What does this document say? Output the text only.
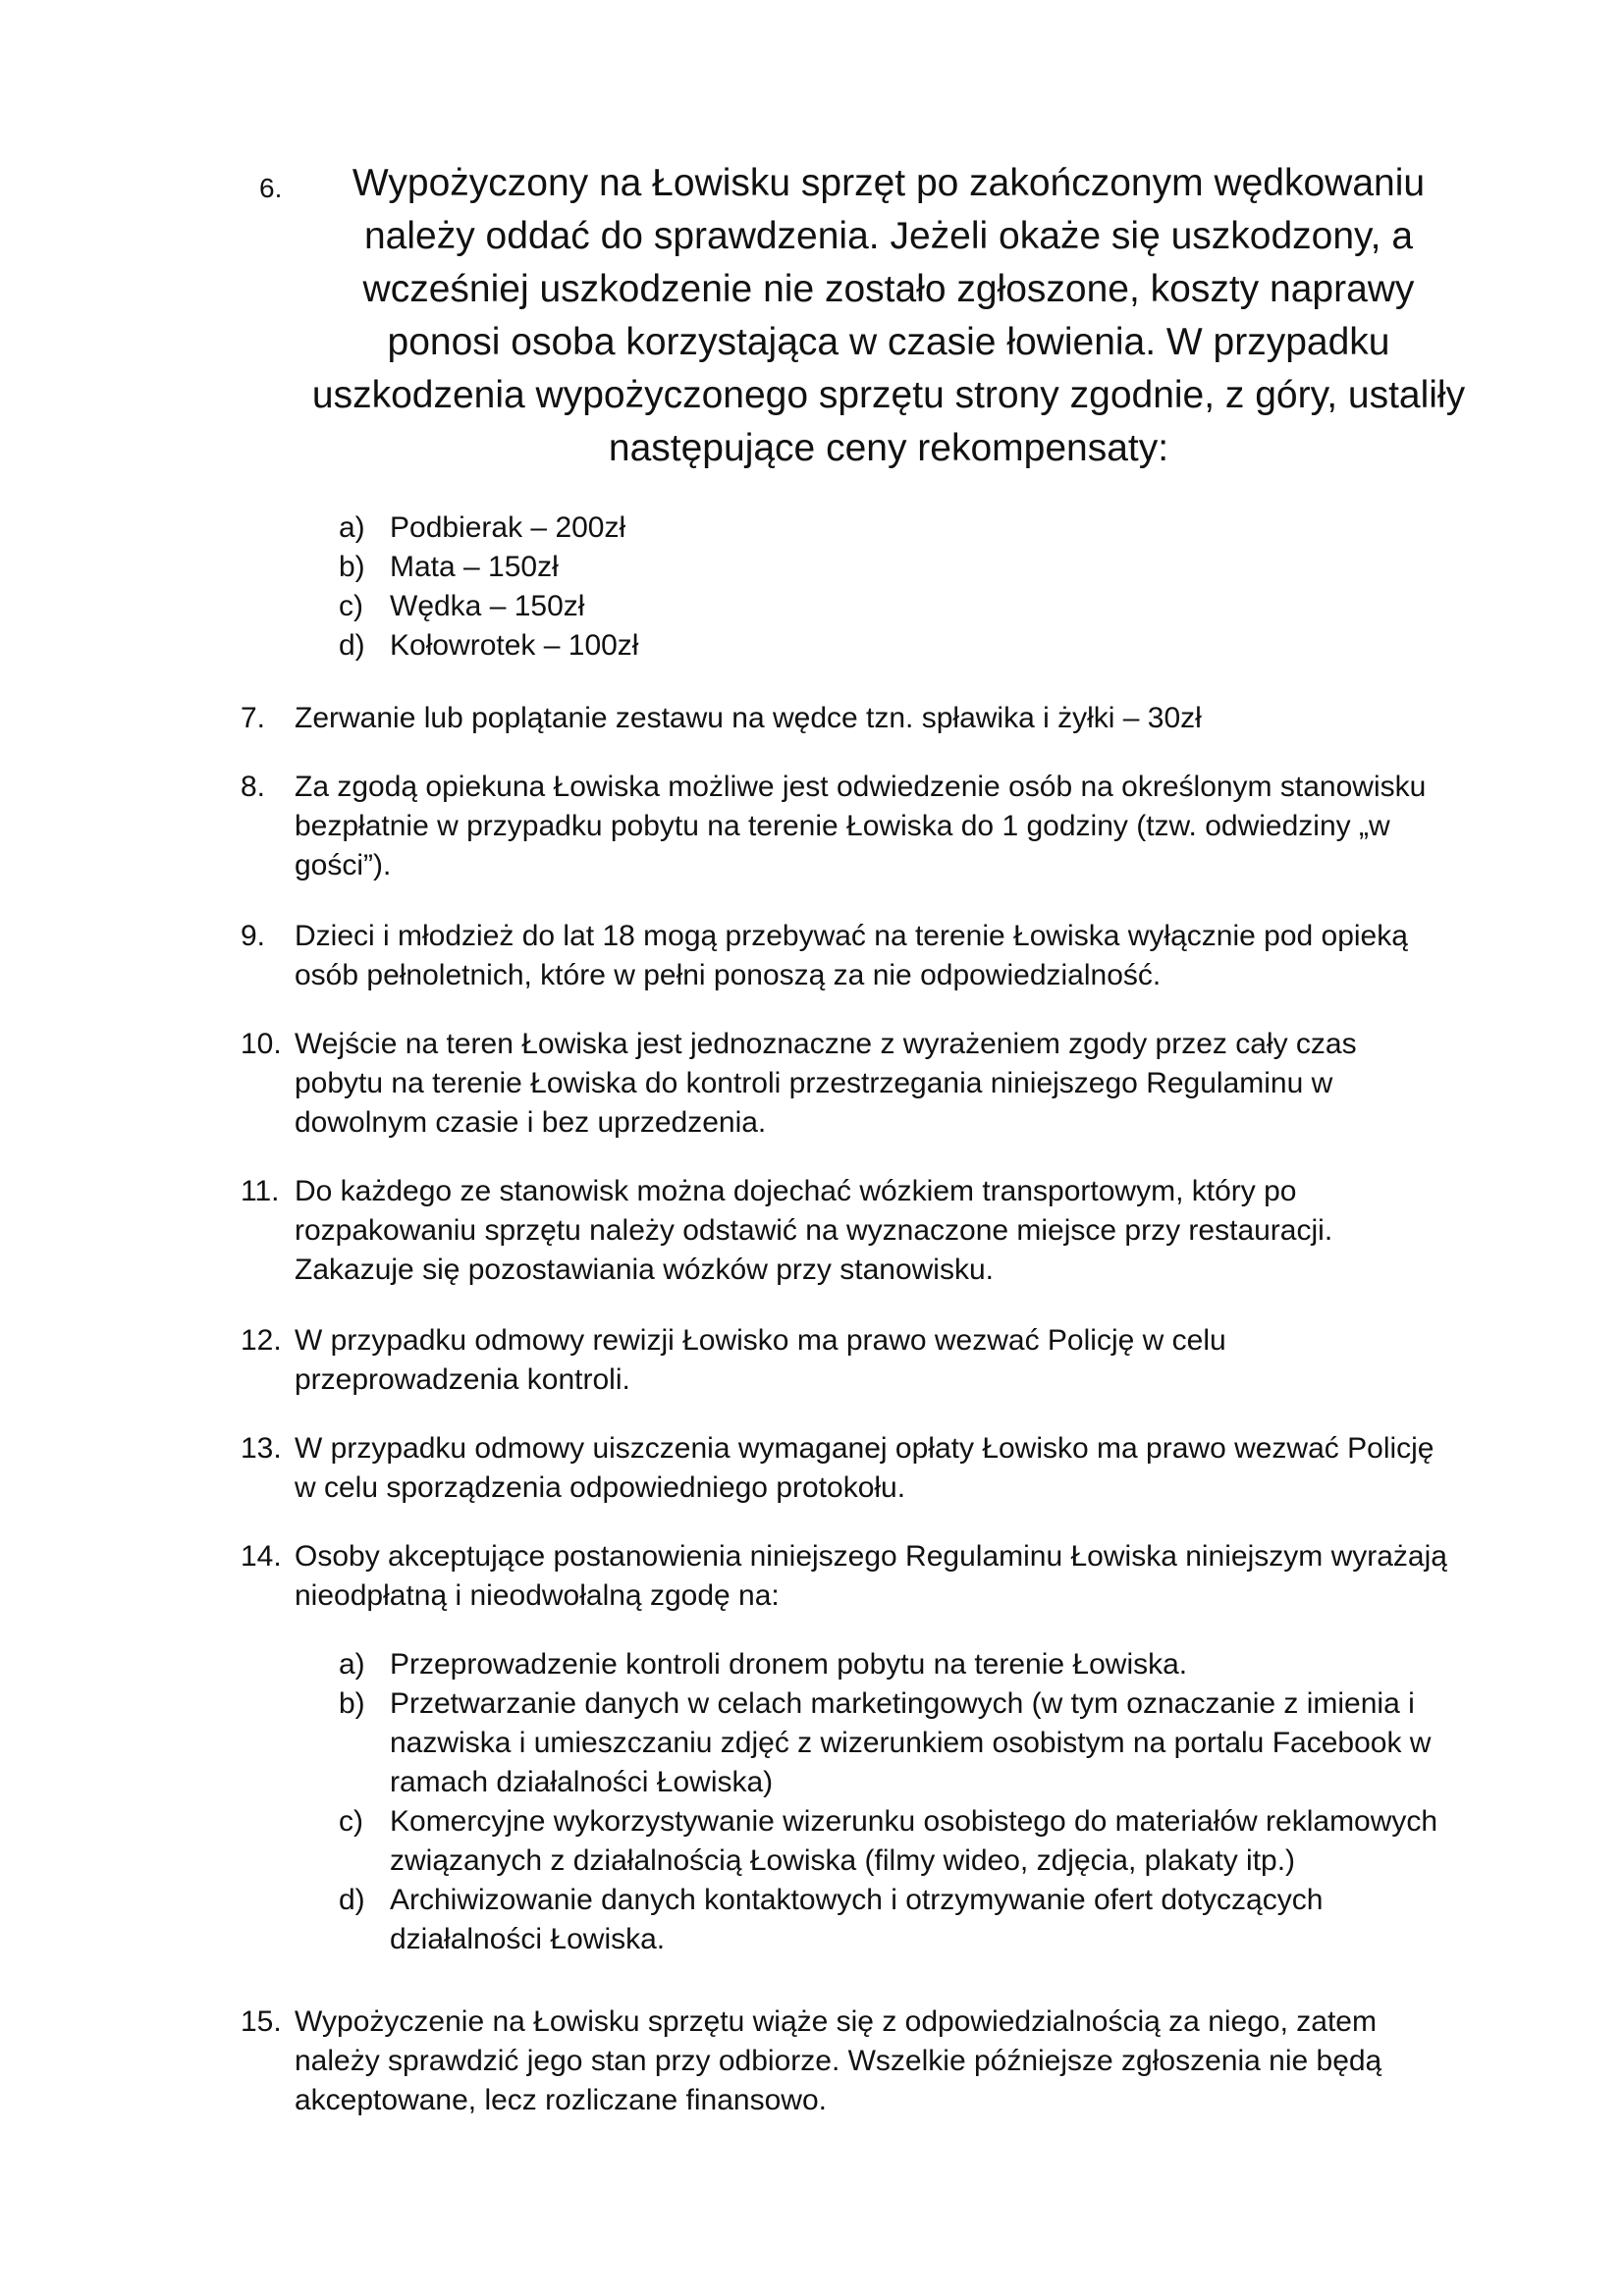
6.	Wypożyczony na Łowisku sprzęt po zakończonym wędkowaniu należy oddać do sprawdzenia. Jeżeli okaże się uszkodzony, a wcześniej uszkodzenie nie zostało zgłoszone, koszty naprawy ponosi osoba korzystająca w czasie łowienia. W przypadku uszkodzenia wypożyczonego sprzętu strony zgodnie, z góry, ustaliły następujące ceny rekompensaty:

a) Podbierak – 200zł
b) Mata – 150zł
c) Wędka – 150zł
d) Kołowrotek – 100zł
7. Zerwanie lub poplątanie zestawu na wędce tzn. spławika i żyłki – 30zł
8. Za zgodą opiekuna Łowiska możliwe jest odwiedzenie osób na określonym stanowisku bezpłatnie w przypadku pobytu na terenie Łowiska do 1 godziny (tzw. odwiedziny „w gości”).
9. Dzieci i młodzież do lat 18 mogą przebywać na terenie Łowiska wyłącznie pod opieką osób pełnoletnich, które w pełni ponoszą za nie odpowiedzialność.
10. Wejście na teren Łowiska jest jednoznaczne z wyrażeniem zgody przez cały czas pobytu na terenie Łowiska do kontroli przestrzegania niniejszego Regulaminu w dowolnym czasie i bez uprzedzenia.
11. Do każdego ze stanowisk można dojechać wózkiem transportowym, który po rozpakowaniu sprzętu należy odstawić na wyznaczone miejsce przy restauracji. Zakazuje się pozostawiania wózków przy stanowisku.
12. W przypadku odmowy rewizji Łowisko ma prawo wezwać Policję w celu przeprowadzenia kontroli.
13. W przypadku odmowy uiszczenia wymaganej opłaty Łowisko ma prawo wezwać Policję w celu sporządzenia odpowiedniego protokołu.
14. Osoby akceptujące postanowienia niniejszego Regulaminu Łowiska niniejszym wyrażają nieodpłatną i nieodwołalną zgodę na:
a) Przeprowadzenie kontroli dronem pobytu na terenie Łowiska.
b) Przetwarzanie danych w celach marketingowych (w tym oznaczanie z imienia i nazwiska i umieszczaniu zdjęć z wizerunkiem osobistym na portalu Facebook w ramach działalności Łowiska)
c) Komercyjne wykorzystywanie wizerunku osobistego do materiałów reklamowych związanych z działalnością Łowiska (filmy wideo, zdjęcia, plakaty itp.)
d) Archiwizowanie danych kontaktowych i otrzymywanie ofert dotyczących działalności Łowiska.
15. Wypożyczenie na Łowisku sprzętu wiąże się z odpowiedzialnością za niego, zatem należy sprawdzić jego stan przy odbiorze. Wszelkie późniejsze zgłoszenia nie będą akceptowane, lecz rozliczane finansowo.
